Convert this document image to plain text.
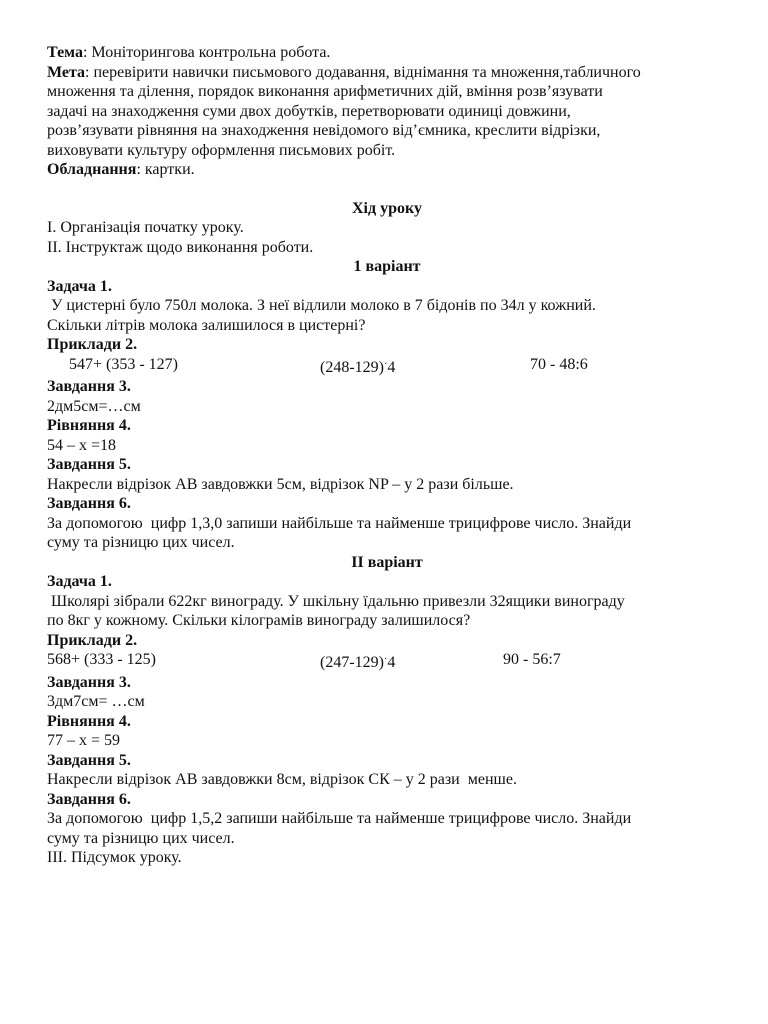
Тема: Моніторингова контрольна робота.
Мета: перевірити навички письмового додавання, віднімання та множення,табличного
множення та ділення, порядок виконання арифметичних дій, вміння розв’язувати
задачі на знаходження суми двох добутків, перетворювати одиниці довжини,
розв’язувати рівняння на знаходження невідомого від’ємника, креслити відрізки,
виховувати культуру оформлення письмових робіт.
Обладнання: картки.
Хід уроку
I. Організація початку уроку.
II. Інструктаж щодо виконання роботи.
1 варіант
Задача 1.
У цистерні було 750л молока. З неї відлили молоко в 7 бідонів по 34л у кожний.
Скільки літрів молока залишилося в цистерні?
Приклади 2.
547+ (353 - 127)	(248-129)·4	70 - 48:6
Завдання 3.
2дм5см=…см
Рівняння 4.
54 – х =18
Завдання 5.
Накресли відрізок АВ завдовжки 5см, відрізок NP – у 2 рази більше.
Завдання 6.
За допомогою  цифр 1,3,0 запиши найбільше та найменше трицифрове число. Знайди
суму та різницю цих чисел.
ІІ варіант
Задача 1.
Школярі зібрали 622кг винограду. У шкільну їдальню привезли 32ящики винограду
по 8кг у кожному. Скільки кілограмів винограду залишилося?
Приклади 2.
568+ (333 - 125)	(247-129)·4	90 - 56:7
Завдання 3.
3дм7см= …см
Рівняння 4.
77 – х = 59
Завдання 5.
Накресли відрізок АВ завдовжки 8см, відрізок СК – у 2 рази  менше.
Завдання 6.
За допомогою  цифр 1,5,2 запиши найбільше та найменше трицифрове число. Знайди
суму та різницю цих чисел.
III. Підсумок уроку.
